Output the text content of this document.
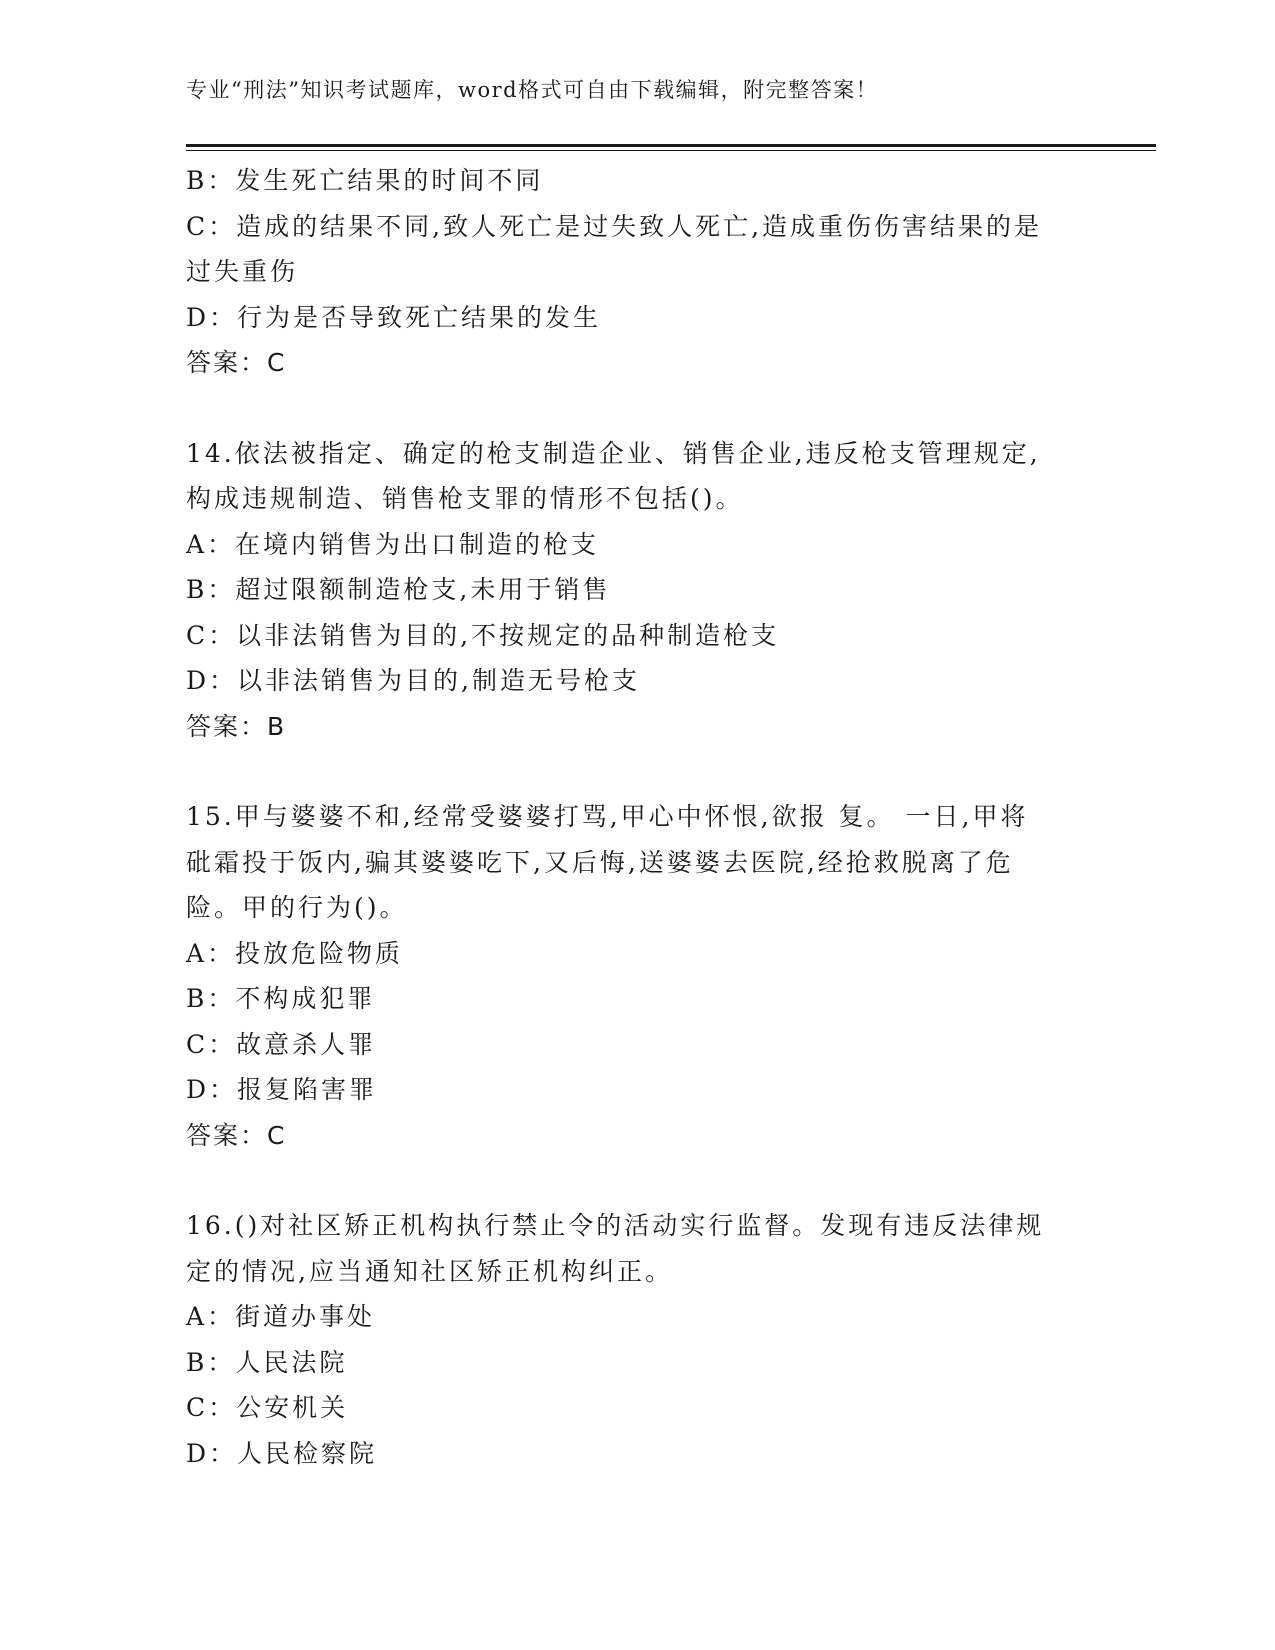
专业“刑法”知识考试题库，word格式可自由下载编辑，附完整答案！
B：发生死亡结果的时间不同
C：造成的结果不同,致人死亡是过失致人死亡,造成重伤伤害结果的是
过失重伤
D：行为是否导致死亡结果的发生
答案：C
14.依法被指定、确定的枪支制造企业、销售企业,违反枪支管理规定,
构成违规制造、销售枪支罪的情形不包括()。
A：在境内销售为出口制造的枪支
B：超过限额制造枪支,未用于销售
C：以非法销售为目的,不按规定的品种制造枪支
D：以非法销售为目的,制造无号枪支
答案：B
15.甲与婆婆不和,经常受婆婆打骂,甲心中怀恨,欲报 复。 一日,甲将
砒霜投于饭内,骗其婆婆吃下,又后悔,送婆婆去医院,经抢救脱离了危
险。甲的行为()。
A：投放危险物质
B：不构成犯罪
C：故意杀人罪
D：报复陷害罪
答案：C
16.()对社区矫正机构执行禁止令的活动实行监督。发现有违反法律规
定的情况,应当通知社区矫正机构纠正。
A：街道办事处
B：人民法院
C：公安机关
D：人民检察院
